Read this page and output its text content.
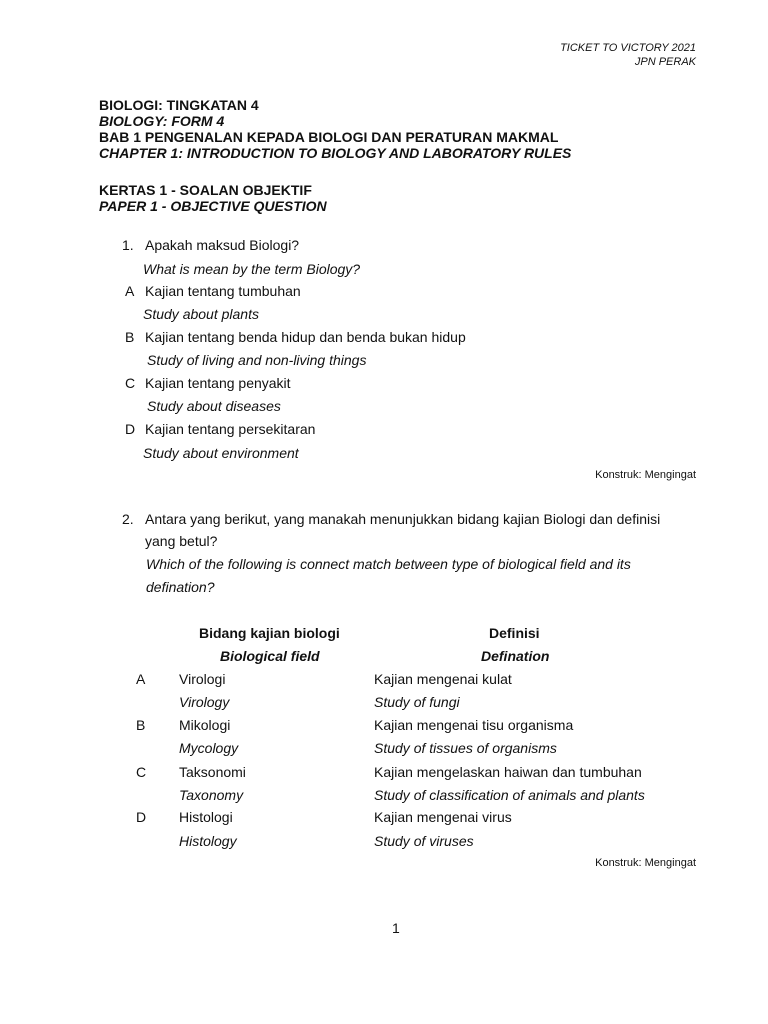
TICKET TO VICTORY 2021
JPN PERAK
BIOLOGI: TINGKATAN 4
BIOLOGY: FORM 4
BAB 1 PENGENALAN KEPADA BIOLOGI DAN PERATURAN MAKMAL
CHAPTER 1: INTRODUCTION TO BIOLOGY AND LABORATORY RULES
KERTAS 1 - SOALAN OBJEKTIF
PAPER 1 - OBJECTIVE QUESTION
1. Apakah maksud Biologi?
What is mean by the term Biology?
A Kajian tentang tumbuhan
Study about plants
B Kajian tentang benda hidup dan benda bukan hidup
Study of living and non-living things
C Kajian tentang penyakit
Study about diseases
D Kajian tentang persekitaran
Study about environment
Konstruk: Mengingat
2. Antara yang berikut, yang manakah menunjukkan bidang kajian Biologi dan definisi
yang betul?
Which of the following is connect match between type of biological field and its
defination?
Bidang kajian biologi
Biological field
Definisi
Defination
A Virologi
Virology
Kajian mengenai kulat
Study of fungi
B Mikologi
Mycology
Kajian mengenai tisu organisma
Study of tissues of organisms
C Taksonomi
Taxonomy
Kajian mengelaskan haiwan dan tumbuhan
Study of classification of animals and plants
D Histologi
Histology
Kajian mengenai virus
Study of viruses
Konstruk: Mengingat
1
